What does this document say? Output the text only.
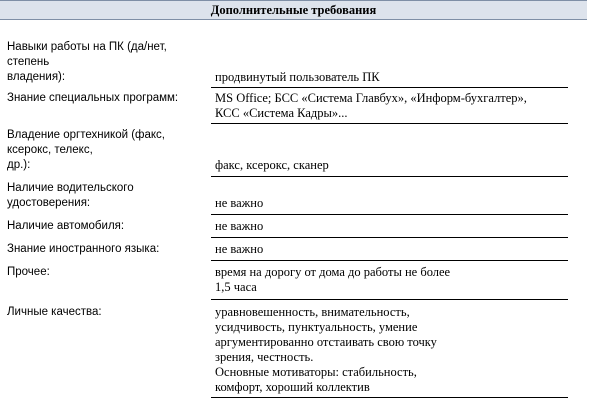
Дополнительные требования
Навыки работы на ПК (да/нет,
степень
владения):	продвинутый пользователь ПК
Знание специальных программ:	MS Office; БСС «Система Главбух», «Информ-бухгалтер»,
КСС «Система Кадры»...
Владение оргтехникой (факс,
ксерокс, телекс,
др.):	факс, ксерокс, сканер
Наличие водительского
удостоверения:	не важно
Наличие автомобиля:	не важно
Знание иностранного языка:	не важно
Прочее:	время на дорогу от дома до работы не более
1,5 часа
Личные качества:	уравновешенность, внимательность,
усидчивость, пунктуальность, умение
аргументированно отстаивать свою точку
зрения, честность.
Основные мотиваторы: стабильность,
комфорт, хороший коллектив
